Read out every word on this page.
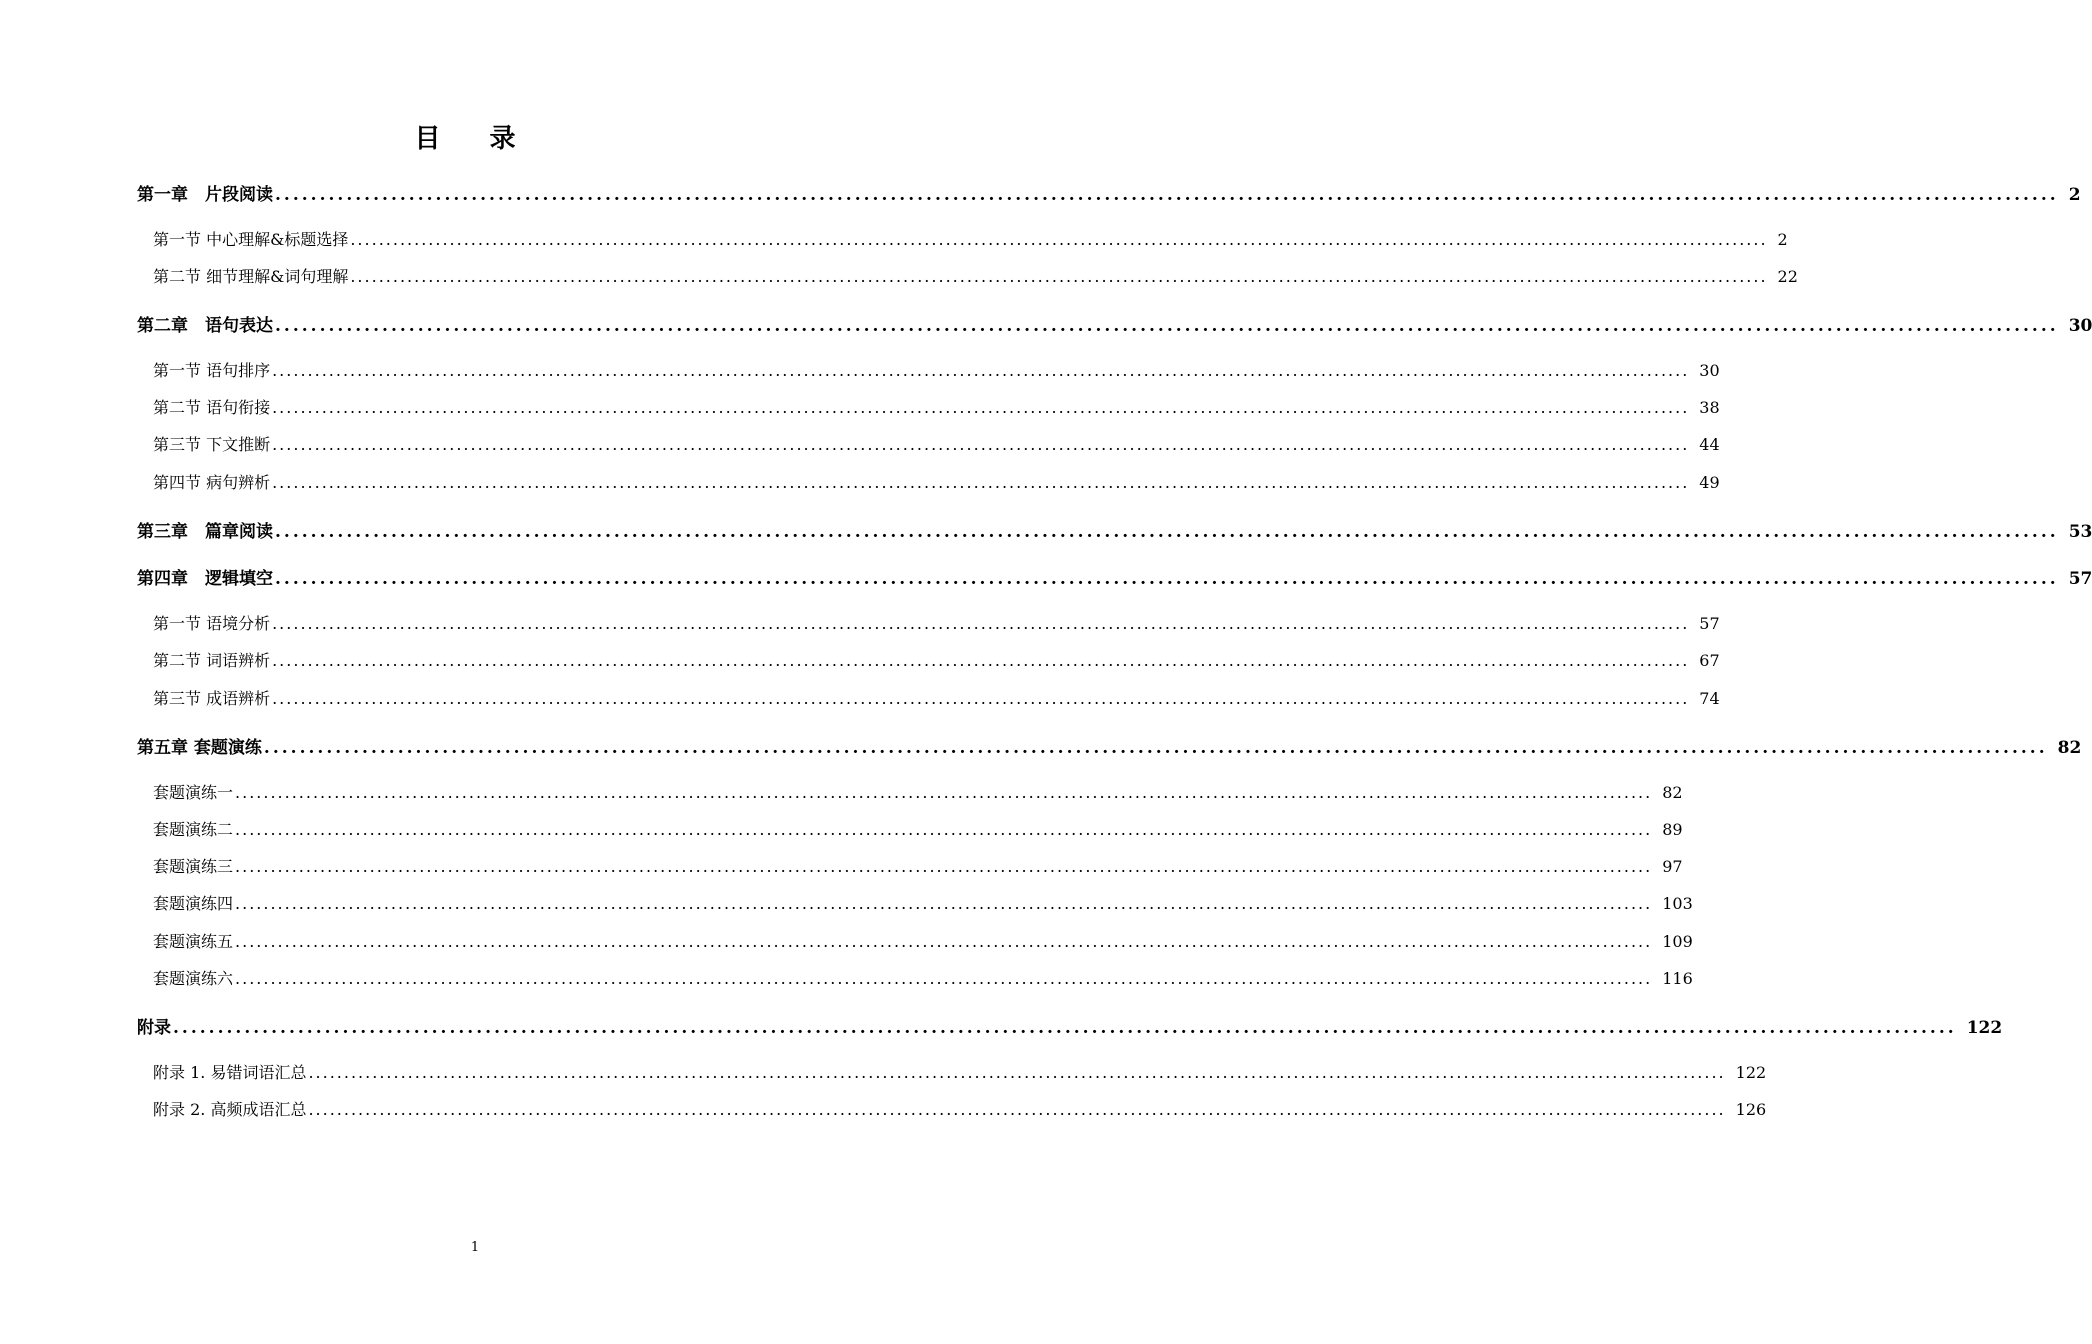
目 录
第一章　片段阅读 ........................................................................................................................................................................................................ 2
第一节 中心理解&标题选择 ........................................................................................................................................................................................................ 2
第二节 细节理解&词句理解 ........................................................................................................................................................................................................ 22
第二章　语句表达 ........................................................................................................................................................................................................ 30
第一节 语句排序 ........................................................................................................................................................................................................ 30
第二节 语句衔接 ........................................................................................................................................................................................................ 38
第三节 下文推断 ........................................................................................................................................................................................................ 44
第四节 病句辨析 ........................................................................................................................................................................................................ 49
第三章　篇章阅读 ........................................................................................................................................................................................................ 53
第四章　逻辑填空 ........................................................................................................................................................................................................ 57
第一节 语境分析 ........................................................................................................................................................................................................ 57
第二节 词语辨析 ........................................................................................................................................................................................................ 67
第三节 成语辨析 ........................................................................................................................................................................................................ 74
第五章 套题演练 ........................................................................................................................................................................................................ 82
套题演练一 ........................................................................................................................................................................................................ 82
套题演练二 ........................................................................................................................................................................................................ 89
套题演练三 ........................................................................................................................................................................................................ 97
套题演练四 ........................................................................................................................................................................................................ 103
套题演练五 ........................................................................................................................................................................................................ 109
套题演练六 ........................................................................................................................................................................................................ 116
附录 ........................................................................................................................................................................................................ 122
附录 1. 易错词语汇总 ........................................................................................................................................................................................................ 122
附录 2. 高频成语汇总 ........................................................................................................................................................................................................ 126
1
